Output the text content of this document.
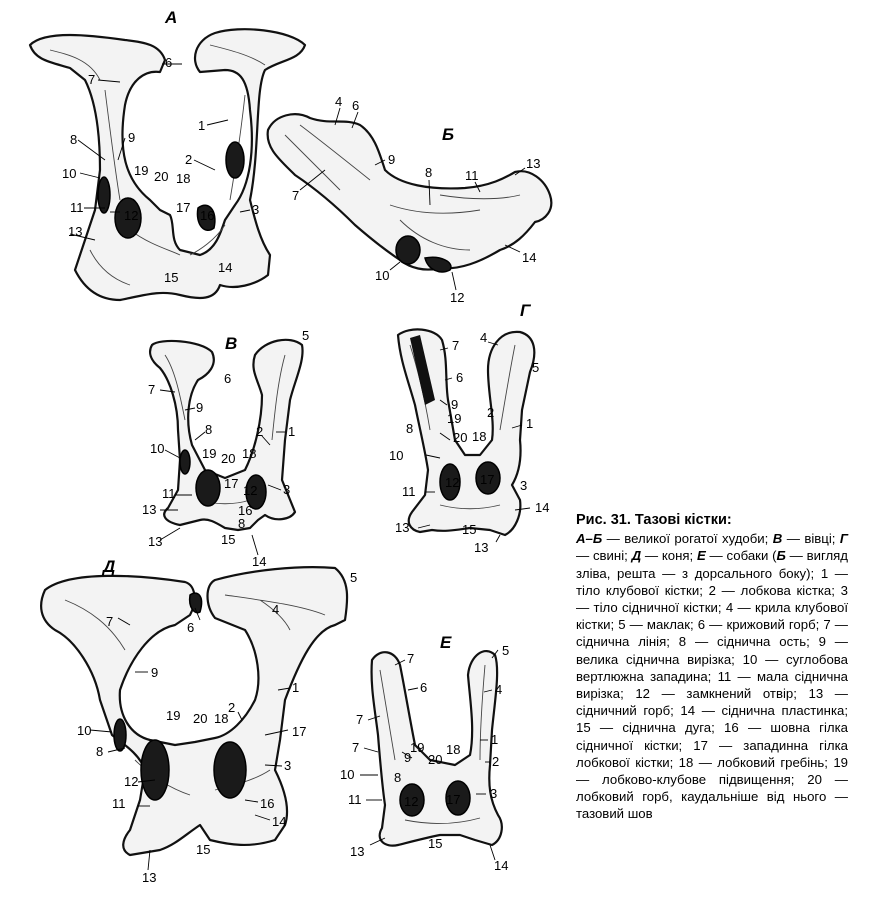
А
6
7
1
8	9
2
10	19 20 18
11
12
17
16	3
13
15
14
Б
4 6
9
7
8	11
13
14
10
12
В	5
6
7
9
8	2 1
10	19 20 18
11
17 12 3
13	16
13	15
8
14
Г
7
4
5
6
9
19 2
1
8
20 18
10
12 17 3
11
13	15
14
13
Д
5
4
7	6
9
1
2
10
19 20 18
17
8
12
3
11	16
14
15
13
Е
7
5
6	4
7
1
7
9
18
19
20	2
10	8
3
11	12 17
13
15
14
Рис. 31. Тазові кістки:
А–Б — великої рогатої худоби; В — вівці; Г — свині; Д — коня; Е — собаки (Б — вигляд зліва, решта — з дорсального боку); 1 — тіло клубової кістки; 2 — лобкова кістка; 3 — тіло сідничної кістки; 4 — крила клубової кістки; 5 — маклак; 6 — крижовий горб; 7 — сіднична лінія; 8 — сіднична ость; 9 — велика сіднична вирізка; 10 — суглобова вертлюжна западина; 11 — мала сіднична вирізка; 12 — замкнений отвір; 13 — сідничний горб; 14 — сіднична пластинка; 15 — сіднична дуга; 16 — шовна гілка сідничної кістки; 17 — западинна гілка лобкової кістки; 18 — лобковий гребінь; 19 — лобково-клубове підвищення; 20 — лобковий горб, каудальніше від нього — тазовий шов
